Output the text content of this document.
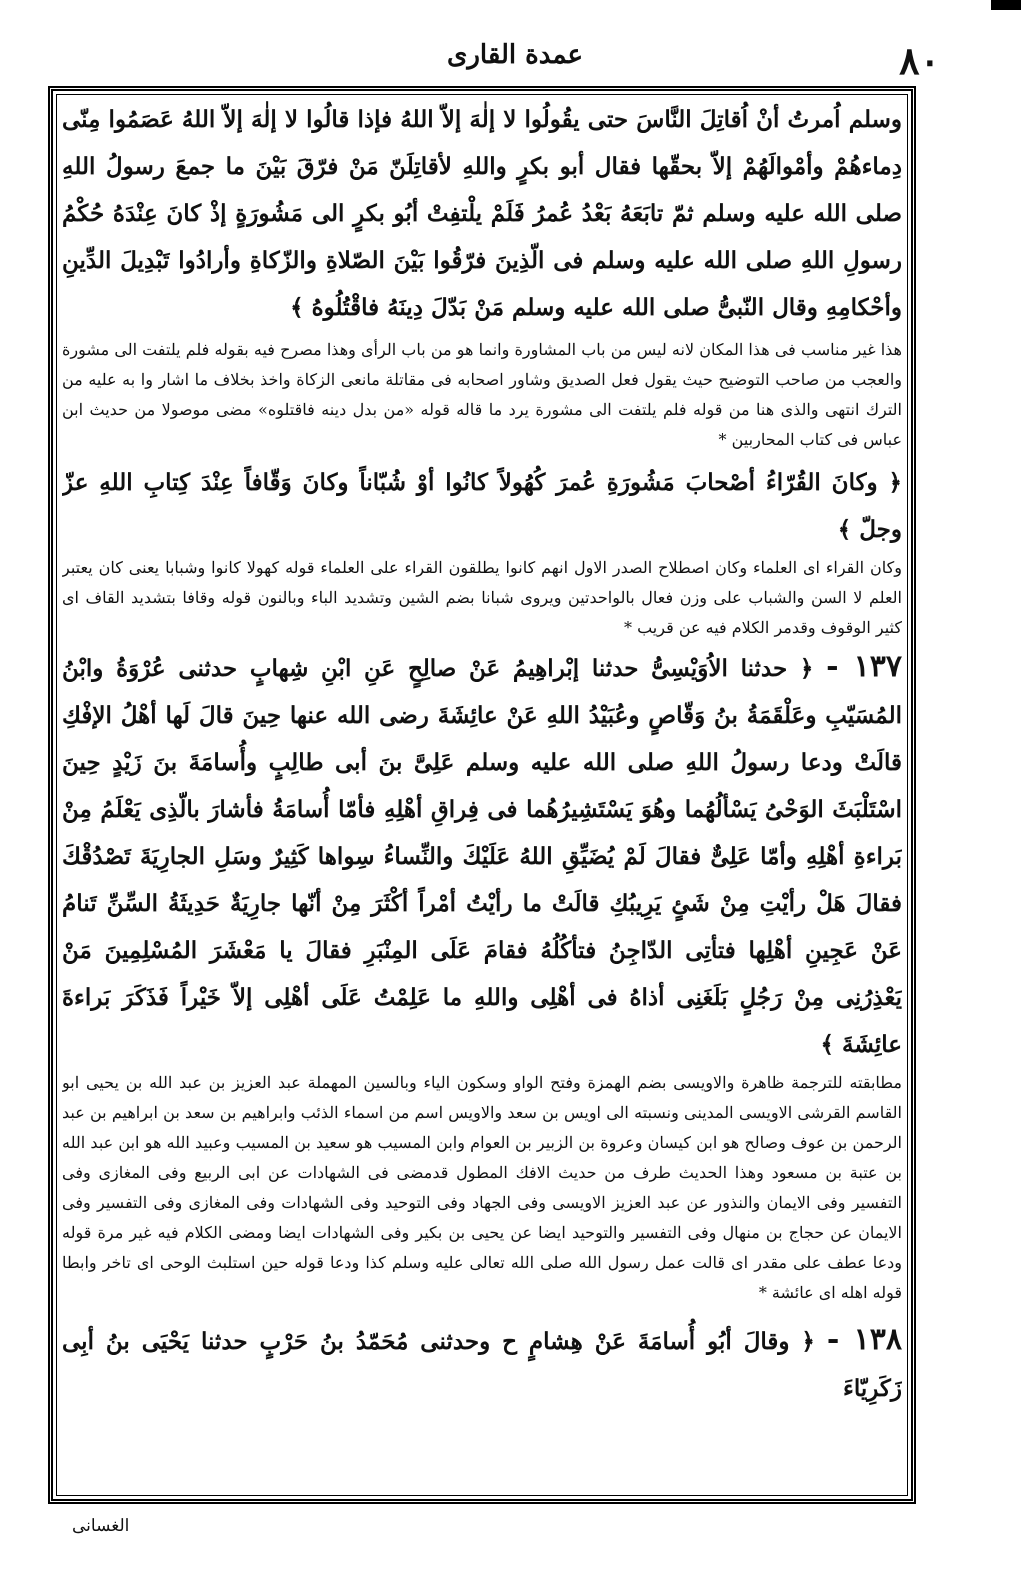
عمدة القاری	۸۰

وسلم اُمرتُ أنْ اُقاتِلَ النَّاسَ حتى يقُولُوا لا إلٰهَ إلاّ اللهُ فإذا قالُوا لا إلٰهَ إلاّ اللهُ عَصَمُوا مِنّى دِماءهُمْ وأمْوالَهُمْ إلاّ بحقّها فقال أبو بكرٍ واللهِ لأقاتِلَنّ مَنْ فرّقَ بَيْنَ ما جمعَ رسولُ اللهِ صلى الله عليه وسلم ثمّ تابَعَهُ بَعْدُ عُمرُ فَلَمْ يلْتفِتْ أبُو بكرٍ الى مَشُورَةٍ إذْ كانَ عِنْدَهُ حُكْمُ رسولِ اللهِ صلى الله عليه وسلم فى الّذِينَ فرّقُوا بَيْنَ الصّلاةِ والزّكاةِ وأرادُوا تَبْدِيلَ الدِّينِ وأحْكامِهِ وقال النّبىُّ صلى الله عليه وسلم مَنْ بَدّلَ دِينَهُ فاقْتُلُوهُ ﴾

هذا غير مناسب فى هذا المكان لانه ليس من باب المشاورة وانما هو من باب الرأى وهذا مصرح فيه بقوله فلم يلتفت الى مشورة والعجب من صاحب التوضيح حيث يقول فعل الصديق وشاور اصحابه فى مقاتلة مانعى الزكاة واخذ بخلاف ما اشار وا به عليه من الترك انتهى والذى هنا من قوله فلم يلتفت الى مشورة يرد ما قاله قوله «من بدل دينه فاقتلوه» مضى موصولا من حديث ابن عباس فى كتاب المحاربين *

﴿ وكانَ القُرّاءُ أصْحابَ مَشُورَةِ عُمرَ كُهُولاً كانُوا أوْ شُبّاناً وكانَ وَقّافاً عِنْدَ كِتابِ اللهِ عزّ وجلّ ﴾

وكان القراء اى العلماء وكان اصطلاح الصدر الاول انهم كانوا يطلقون القراء على العلماء قوله كهولا كانوا وشبابا يعنى كان يعتبر العلم لا السن والشباب على وزن فعال بالواحدتين ويروى شبانا بضم الشين وتشديد الباء وبالنون قوله وقافا بتشديد القاف اى كثير الوقوف وقدمر الكلام فيه عن قريب *

۱۳۷ - ﴿ حدثنا الاُوَيْسِىُّ حدثنا إبْراهِيمُ عَنْ صالِحٍ عَنِ ابْنِ شِهابٍ حدثنى عُرْوَةُ وابْنُ المُسَيّبِ وعَلْقَمَةُ بنُ وَقّاصٍ وعُبَيْدُ اللهِ عَنْ عائِشَةَ رضى الله عنها حِينَ قالَ لَها أهْلُ الإفْكِ قالَتْ ودعا رسولُ اللهِ صلى الله عليه وسلم عَلِىَّ بنَ أبى طالِبٍ وأُسامَةَ بنَ زَيْدٍ حِينَ اسْتَلْبَثَ الوَحْىُ يَسْألُهُما وهُوَ يَسْتَشِيرُهُما فى فِراقِ أهْلِهِ فأمّا أُسامَةُ فأشارَ بالّذِى يَعْلَمُ مِنْ بَراءةِ أهْلِهِ وأمّا عَلِىٌّ فقالَ لَمْ يُضَيِّقِ اللهُ عَلَيْكَ والنِّساءُ سِواها كَثِيرٌ وسَلِ الجارِيَةَ تَصْدُقْكَ فقالَ هَلْ رأيْتِ مِنْ شَئٍ يَرِيبُكِ قالَتْ ما رأيْتُ أمْراً أكْثَرَ مِنْ أنّها جارِيَةٌ حَدِيثَةُ السِّنِّ تَنامُ عَنْ عَجِينِ أهْلِها فتأتِى الدّاجِنُ فتأكُلُهُ فقامَ عَلَى المِنْبَرِ فقالَ يا مَعْشَرَ المُسْلِمِينَ مَنْ يَعْذِرُنِى مِنْ رَجُلٍ بَلَغَنِى أذاهُ فى أهْلِى واللهِ ما عَلِمْتُ عَلَى أهْلِى إلاّ خَيْراً فَذَكَرَ بَراءةَ عائِشَةَ ﴾

مطابقته للترجمة ظاهرة والاويسى بضم الهمزة وفتح الواو وسكون الياء وبالسين المهملة عبد العزيز بن عبد الله بن يحيى ابو القاسم القرشى الاويسى المدينى ونسبته الى اويس بن سعد والاويس اسم من اسماء الذئب وابراهيم بن سعد بن ابراهيم بن عبد الرحمن بن عوف وصالح هو ابن كيسان وعروة بن الزبير بن العوام وابن المسيب هو سعيد بن المسيب وعبيد الله هو ابن عبد الله بن عتبة بن مسعود وهذا الحديث طرف من حديث الافك المطول قدمضى فى الشهادات عن ابى الربيع وفى المغازى وفى التفسير وفى الايمان والنذور عن عبد العزيز الاويسى وفى الجهاد وفى التوحيد وفى الشهادات وفى المغازى وفى التفسير وفى الايمان عن حجاج بن منهال وفى التفسير والتوحيد ايضا عن يحيى بن بكير وفى الشهادات ايضا ومضى الكلام فيه غير مرة قوله ودعا عطف على مقدر اى قالت عمل رسول الله صلى الله تعالى عليه وسلم كذا ودعا قوله حين استلبث الوحى اى تاخر وابطا قوله اهله اى عائشة *

۱۳۸ - ﴿ وقالَ أبُو أُسامَةَ عَنْ هِشامٍ ح وحدثنى مُحَمّدُ بنُ حَرْبٍ حدثنا يَحْيَى بنُ أبِى زَكَرِيّاءَ

الغسانی
